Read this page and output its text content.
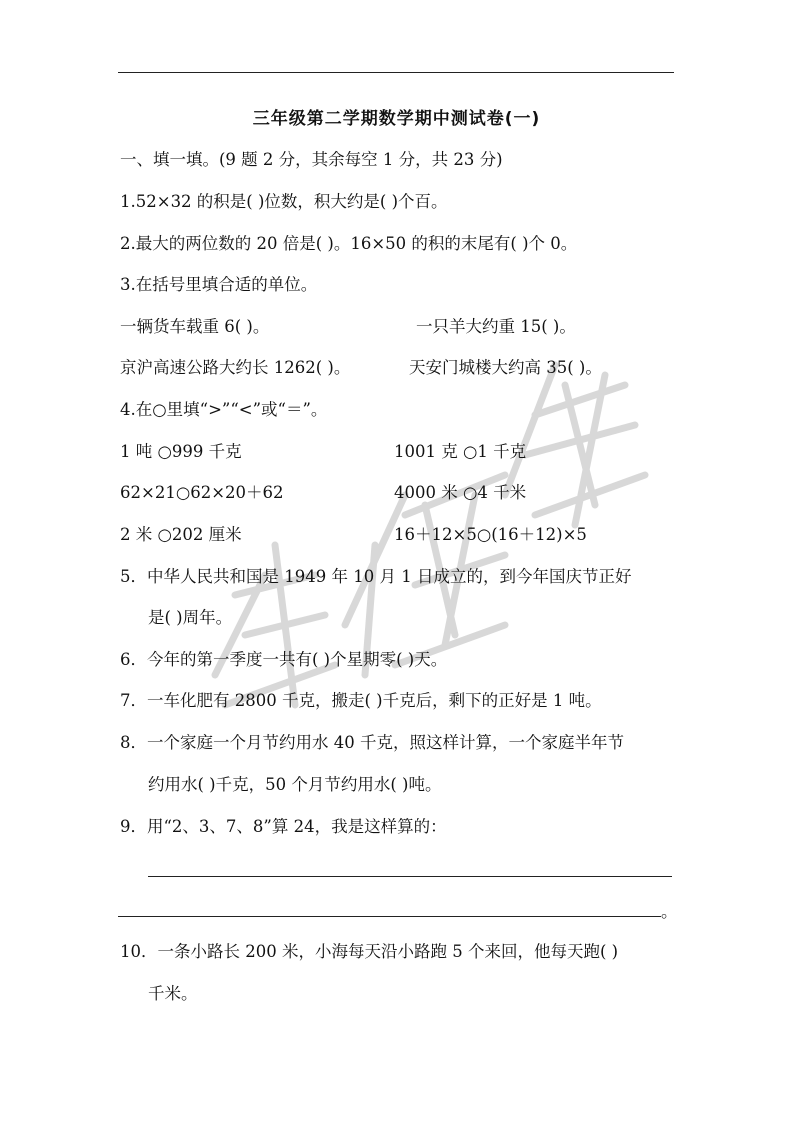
三年级第二学期数学期中测试卷(一)
一、填一填。(9 题 2 分，其余每空 1 分，共 23 分)
1.52×32 的积是( )位数，积大约是( )个百。
2.最大的两位数的 20 倍是( )。16×50 的积的末尾有( )个 0。
3.在括号里填合适的单位。
一辆货车载重 6( )。	一只羊大约重 15( )。
京沪高速公路大约长 1262( )。	天安门城楼大约高 35( )。
4.在○里填“>”“<”或“＝”。
1 吨 ○999 千克	1001 克 ○1 千克
62×21○62×20＋62	4000 米 ○4 千米
2 米 ○202 厘米	16＋12×5○(16＋12)×5
5．中华人民共和国是 1949 年 10 月 1 日成立的，到今年国庆节正好
是( )周年。
6．今年的第一季度一共有( )个星期零( )天。
7．一车化肥有 2800 千克，搬走( )千克后，剩下的正好是 1 吨。
8．一个家庭一个月节约用水 40 千克，照这样计算，一个家庭半年节
约用水( )千克，50 个月节约用水( )吨。
9．用“2、3、7、8”算 24，我是这样算的：
。
10．一条小路长 200 米，小海每天沿小路跑 5 个来回，他每天跑( )
千米。
